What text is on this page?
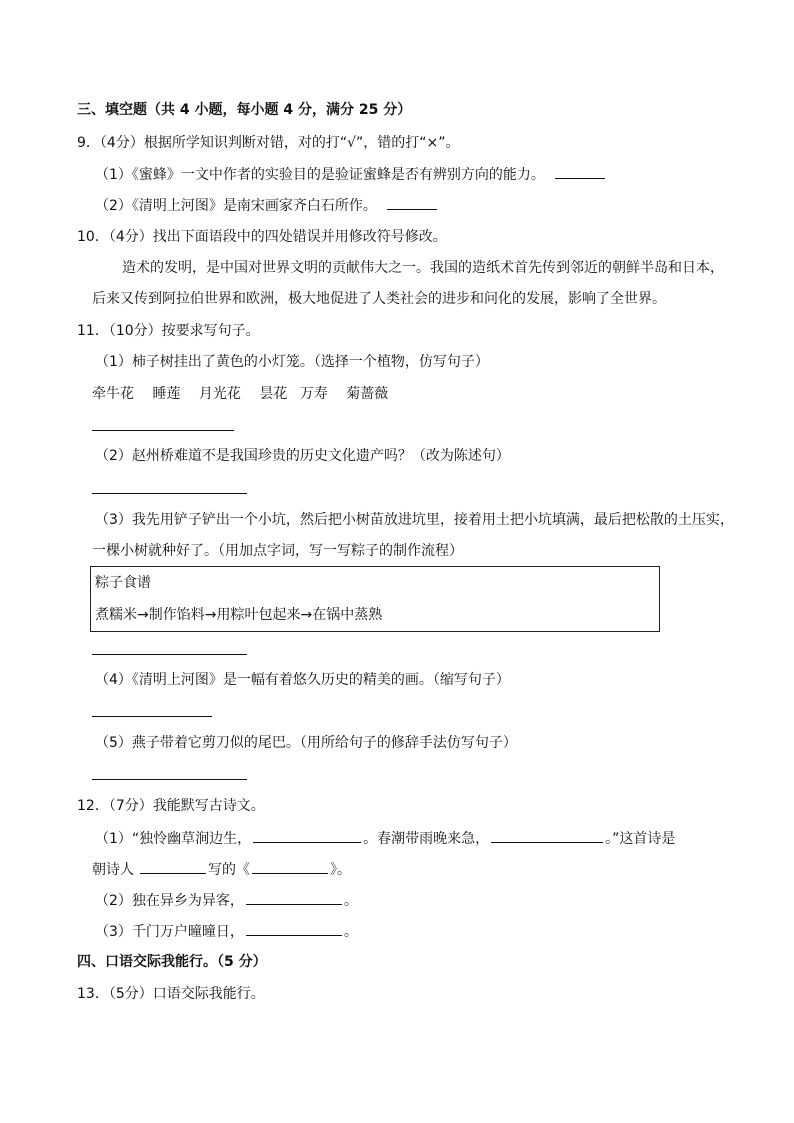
三、填空题（共 4 小题，每小题 4 分，满分 25 分）
9．（4分）根据所学知识判断对错，对的打“√”，错的打“×”。
（1）《蜜蜂》一文中作者的实验目的是验证蜜蜂是否有辨别方向的能力。
（2）《清明上河图》是南宋画家齐白石所作。
10．（4分）找出下面语段中的四处错误并用修改符号修改。
造术的发明，是中国对世界文明的贡献伟大之一。我国的造纸术首先传到邻近的朝鲜半岛和日本，
后来又传到阿拉伯世界和欧洲，极大地促进了人类社会的进步和问化的发展，影响了全世界。
11．（10分）按要求写句子。
（1）柿子树挂出了黄色的小灯笼。（选择一个植物，仿写句子）
牵牛花 睡莲 月光花 昙花 万寿 菊蔷薇
（2）赵州桥难道不是我国珍贵的历史文化遗产吗？（改为陈述句）
（3）我先用铲子铲出一个小坑，然后把小树苗放进坑里，接着用土把小坑填满，最后把松散的土压实，
一棵小树就种好了。（用加点字词，写一写粽子的制作流程）
粽子食谱
煮糯米→制作馅料→用粽叶包起来→在锅中蒸熟
（4）《清明上河图》是一幅有着悠久历史的精美的画。（缩写句子）
（5）燕子带着它剪刀似的尾巴。（用所给句子的修辞手法仿写句子）
12．（7分）我能默写古诗文。
（1）“独怜幽草涧边生，	。春潮带雨晚来急，	。”这首诗是
朝诗人	写的《	》。
（2）独在异乡为异客，	。
（3）千门万户曈曈日，	。
四、口语交际我能行。（5 分）
13．（5分）口语交际我能行。
